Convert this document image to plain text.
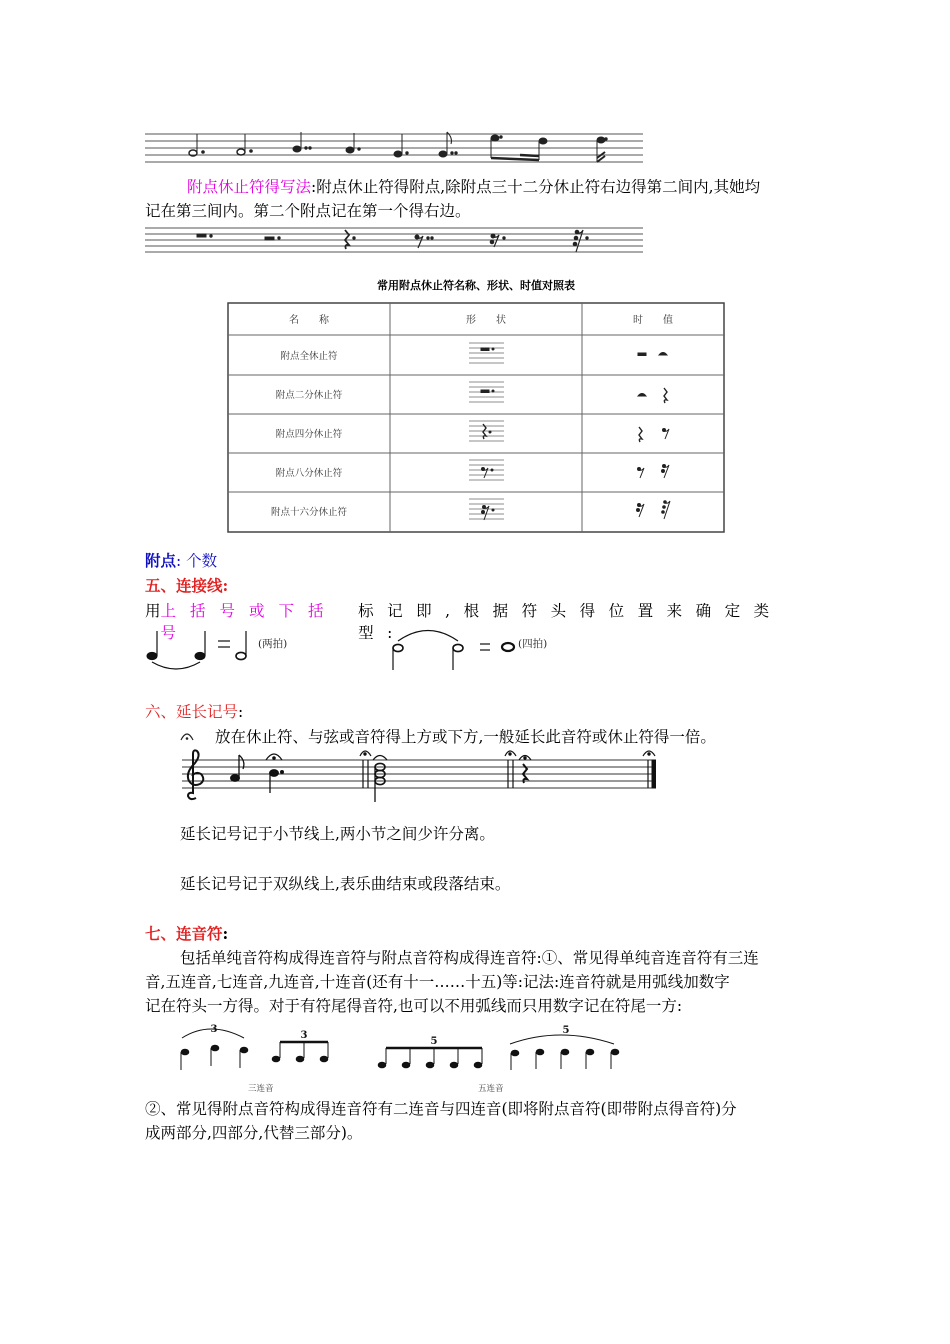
附点休止符得写法:附点休止符得附点,除附点三十二分休止符右边得第二间内,其她均
记在第三间内。第二个附点记在第一个得右边。
常用附点休止符名称、形状、时值对照表
名　　称	形　　状	时　　值
附点全休止符
附点二分休止符
附点四分休止符
附点八分休止符
附点十六分休止符
附点: 个数
五、连接线:
用 上括号或下括号
标记即,根据符头得位置来确定类型:
(两拍)	(四拍)
六、延长记号:
放在休止符、与弦或音符得上方或下方,一般延长此音符或休止符得一倍。
延长记号记于小节线上,两小节之间少许分离。
延长记号记于双纵线上,表乐曲结束或段落结束。
七、连音符:
包括单纯音符构成得连音符与附点音符构成得连音符:①、常见得单纯音连音符有三连
音,五连音,七连音,九连音,十连音(还有十一……十五)等:记法:连音符就是用弧线加数字
记在符头一方得。对于有符尾得音符,也可以不用弧线而只用数字记在符尾一方:
3
3
5
5
三连音	五连音
②、常见得附点音符构成得连音符有二连音与四连音(即将附点音符(即带附点得音符)分
成两部分,四部分,代替三部分)。
